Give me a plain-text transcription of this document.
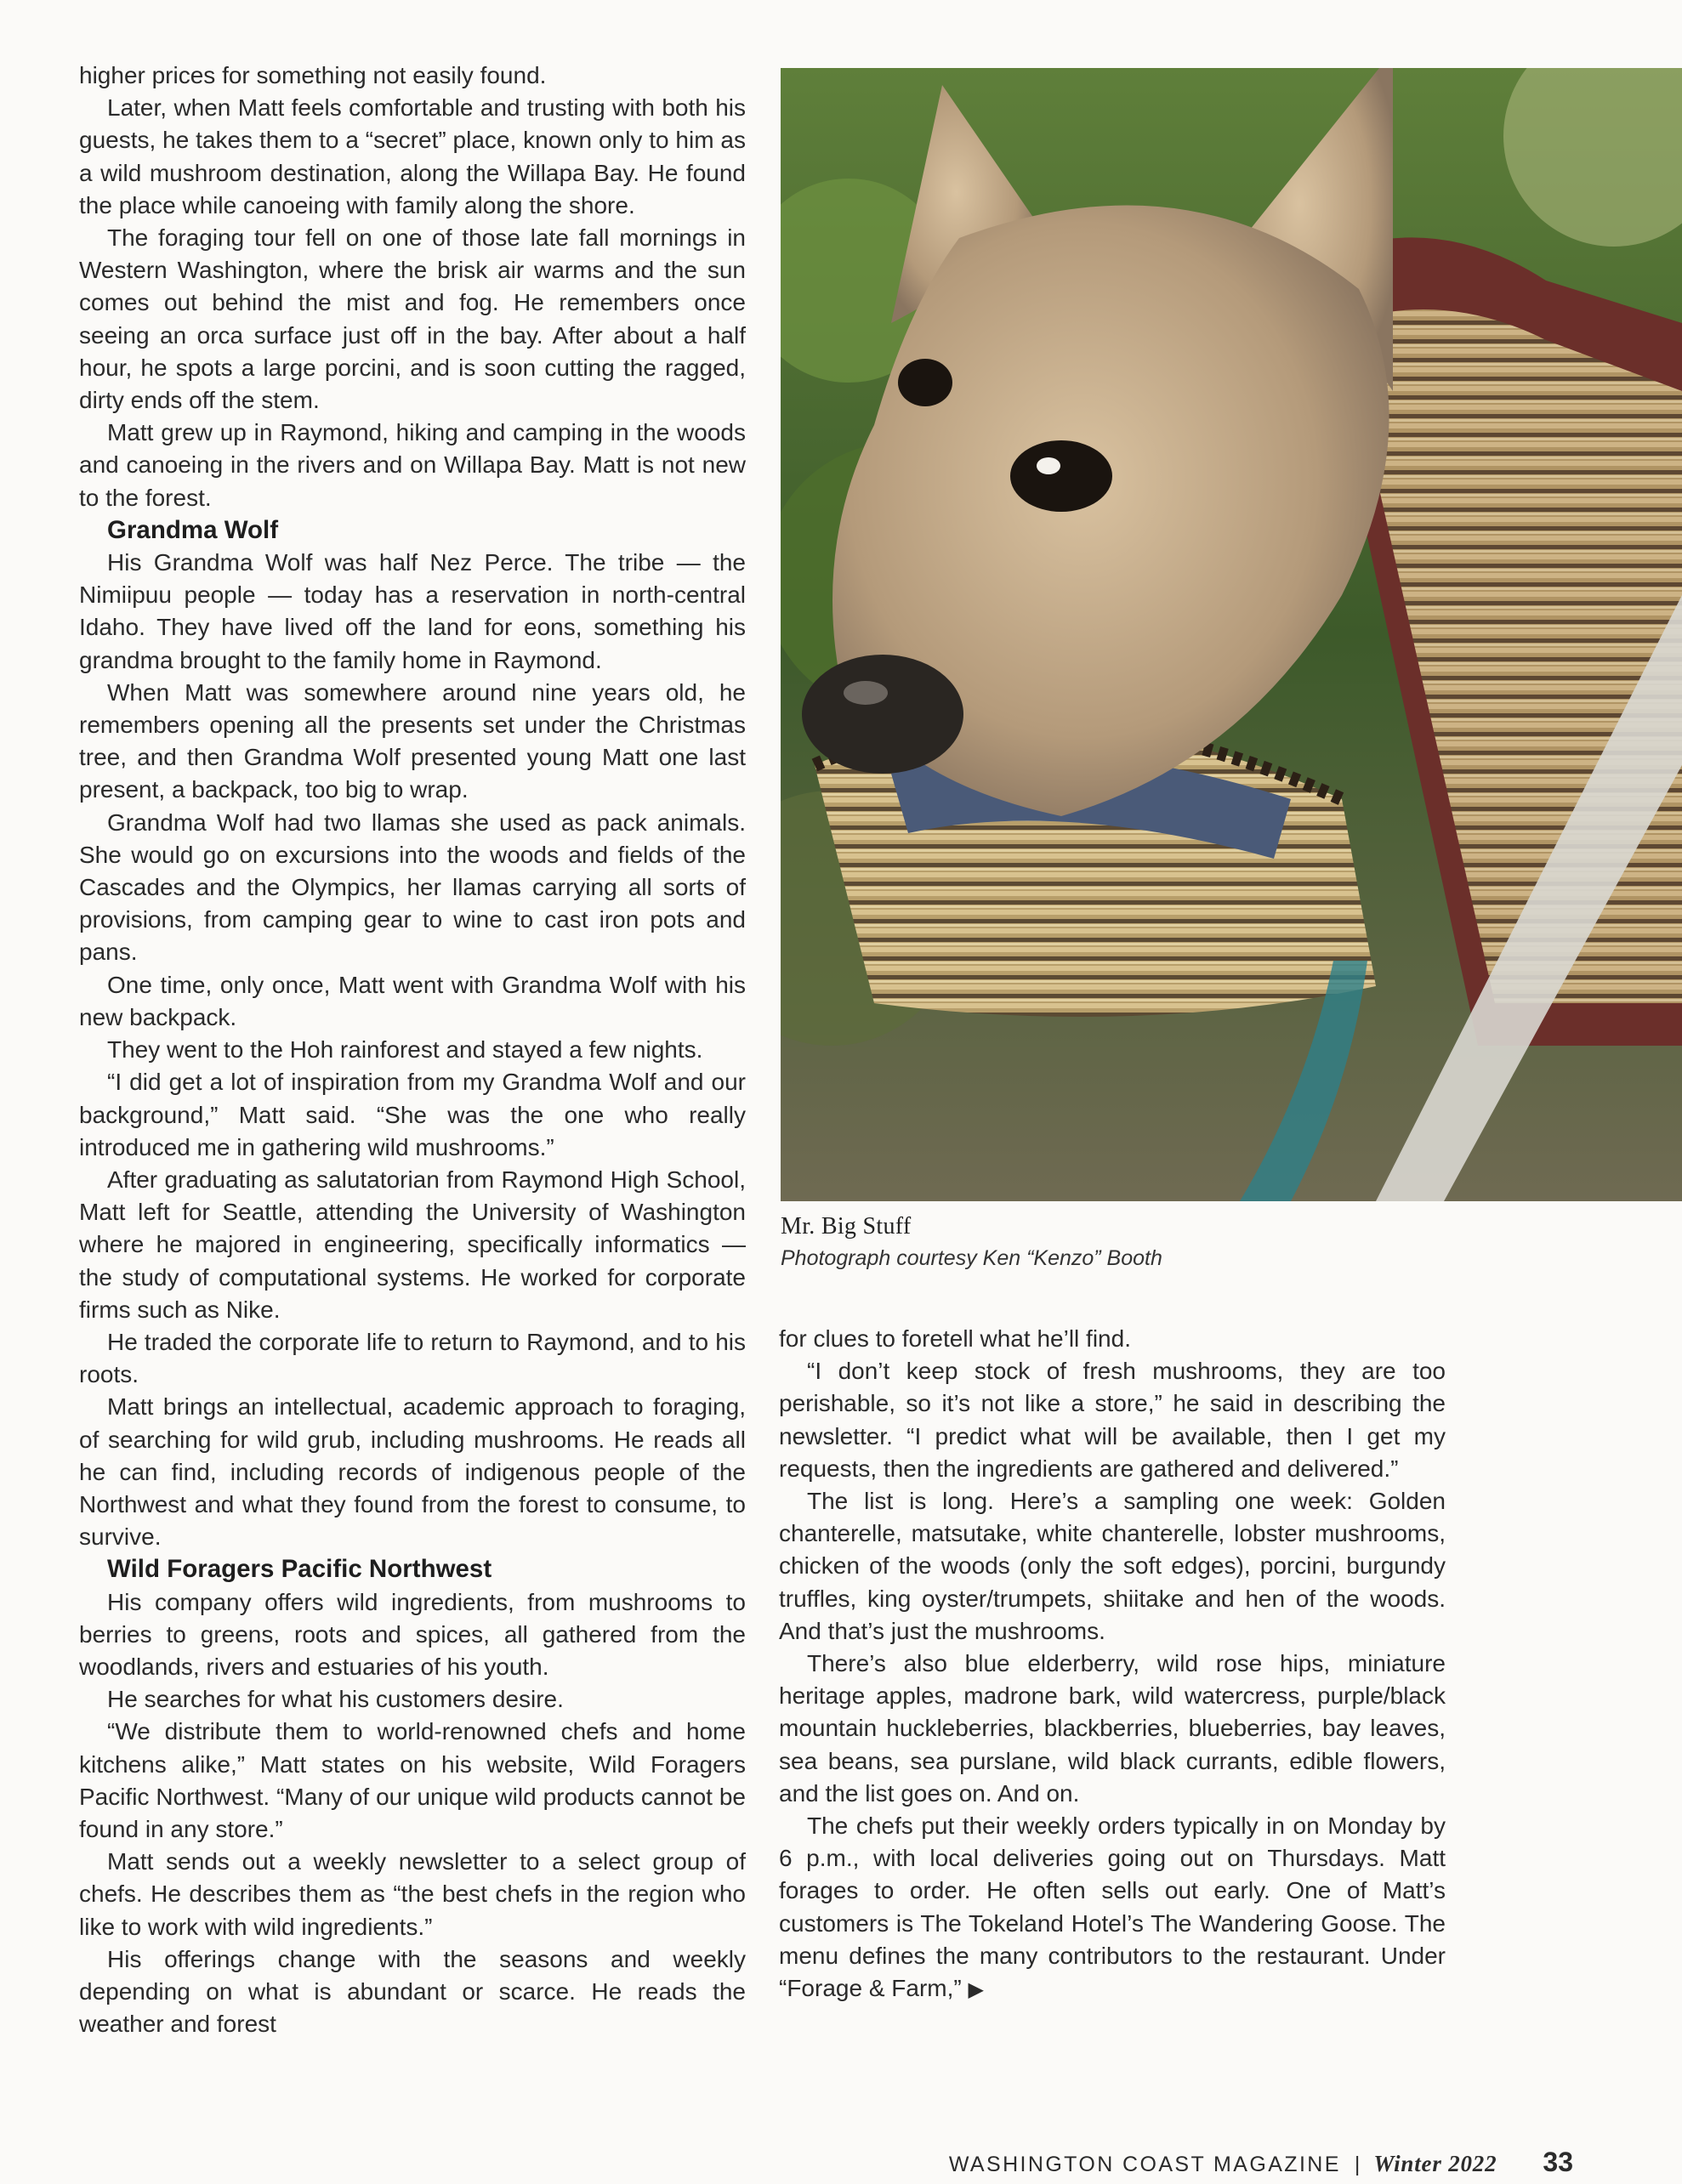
higher prices for something not easily found.

Later, when Matt feels comfortable and trusting with both his guests, he takes them to a “secret” place, known only to him as a wild mushroom destination, along the Willapa Bay. He found the place while canoeing with family along the shore.

The foraging tour fell on one of those late fall mornings in Western Washington, where the brisk air warms and the sun comes out behind the mist and fog. He remembers once seeing an orca surface just off in the bay. After about a half hour, he spots a large porcini, and is soon cutting the ragged, dirty ends off the stem.

Matt grew up in Raymond, hiking and camping in the woods and canoeing in the rivers and on Willapa Bay. Matt is not new to the forest.

Grandma Wolf

His Grandma Wolf was half Nez Perce. The tribe — the Nimiipuu people — today has a reservation in north-central Idaho. They have lived off the land for eons, something his grandma brought to the family home in Raymond.

When Matt was somewhere around nine years old, he remembers opening all the presents set under the Christmas tree, and then Grandma Wolf presented young Matt one last present, a backpack, too big to wrap.

Grandma Wolf had two llamas she used as pack animals. She would go on excursions into the woods and fields of the Cascades and the Olympics, her llamas carrying all sorts of provisions, from camping gear to wine to cast iron pots and pans.

One time, only once, Matt went with Grandma Wolf with his new backpack.

They went to the Hoh rainforest and stayed a few nights.

“I did get a lot of inspiration from my Grandma Wolf and our background,” Matt said. “She was the one who really introduced me in gathering wild mushrooms.”

After graduating as salutatorian from Raymond High School, Matt left for Seattle, attending the University of Washington where he majored in engineering, specifically informatics — the study of computational systems. He worked for corporate firms such as Nike.

He traded the corporate life to return to Raymond, and to his roots.

Matt brings an intellectual, academic approach to foraging, of searching for wild grub, including mushrooms. He reads all he can find, including records of indigenous people of the Northwest and what they found from the forest to consume, to survive.

Wild Foragers Pacific Northwest

His company offers wild ingredients, from mushrooms to berries to greens, roots and spices, all gathered from the woodlands, rivers and estuaries of his youth.

He searches for what his customers desire.

“We distribute them to world-renowned chefs and home kitchens alike,” Matt states on his website, Wild Foragers Pacific Northwest. “Many of our unique wild products cannot be found in any store.”

Matt sends out a weekly newsletter to a select group of chefs. He describes them as “the best chefs in the region who like to work with wild ingredients.”

His offerings change with the seasons and weekly depending on what is abundant or scarce. He reads the weather and forest

Mr. Big Stuff
Photograph courtesy Ken “Kenzo” Booth

for clues to foretell what he’ll find.

“I don’t keep stock of fresh mushrooms, they are too perishable, so it’s not like a store,” he said in describing the newsletter. “I predict what will be available, then I get my requests, then the ingredients are gathered and delivered.”

The list is long. Here’s a sampling one week: Golden chanterelle, matsutake, white chanterelle, lobster mushrooms, chicken of the woods (only the soft edges), porcini, burgundy truffles, king oyster/trumpets, shiitake and hen of the woods. And that’s just the mushrooms.

There’s also blue elderberry, wild rose hips, miniature heritage apples, madrone bark, wild watercress, purple/black mountain huckleberries, blackberries, blueberries, bay leaves, sea beans, sea purslane, wild black currants, edible flowers, and the list goes on. And on.

The chefs put their weekly orders typically in on Monday by 6 p.m., with local deliveries going out on Thursdays. Matt forages to order. He often sells out early. One of Matt’s customers is The Tokeland Hotel’s The Wandering Goose. The menu defines the many contributors to the restaurant. Under “Forage & Farm,” ▶

WASHINGTON COAST MAGAZINE | Winter 2022 33
